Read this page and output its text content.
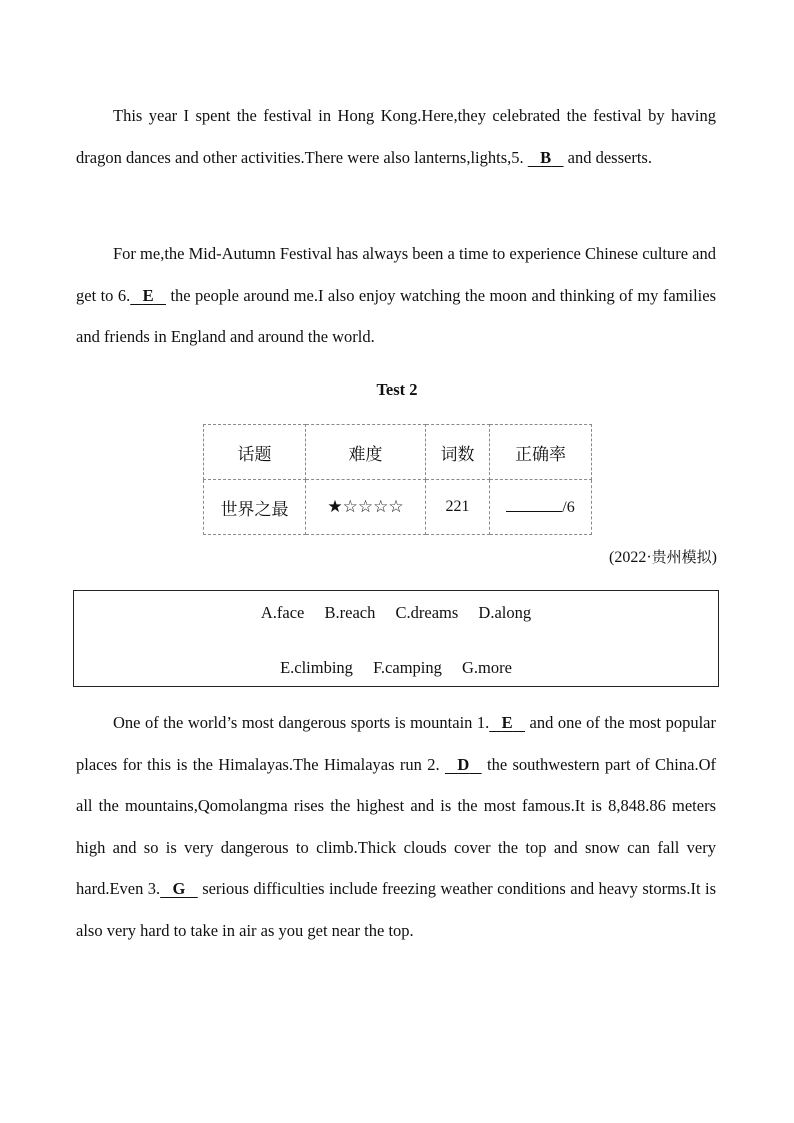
This year I spent the festival in Hong Kong.Here,they celebrated the festival by having dragon dances and other activities.There were also lanterns,lights,5. B and desserts.

For me,the Mid-Autumn Festival has always been a time to experience Chinese culture and get to 6. E the people around me.I also enjoy watching the moon and thinking of my families and friends in England and around the world.

Test 2
话题	难度	词数	正确率
世界之最	★☆☆☆☆	221	/6
(2022·贵州模拟)
A.face B.reach C.dreams D.along
E.climbing F.camping G.more

One of the world’s most dangerous sports is mountain 1. E and one of the most popular places for this is the Himalayas.The Himalayas run 2. D the southwestern part of China.Of all the mountains,Qomolangma rises the highest and is the most famous.It is 8,848.86 meters high and so is very dangerous to climb.Thick clouds cover the top and snow can fall very hard.Even 3. G serious difficulties include freezing weather conditions and heavy storms.It is also very hard to take in air as you get near the top.
